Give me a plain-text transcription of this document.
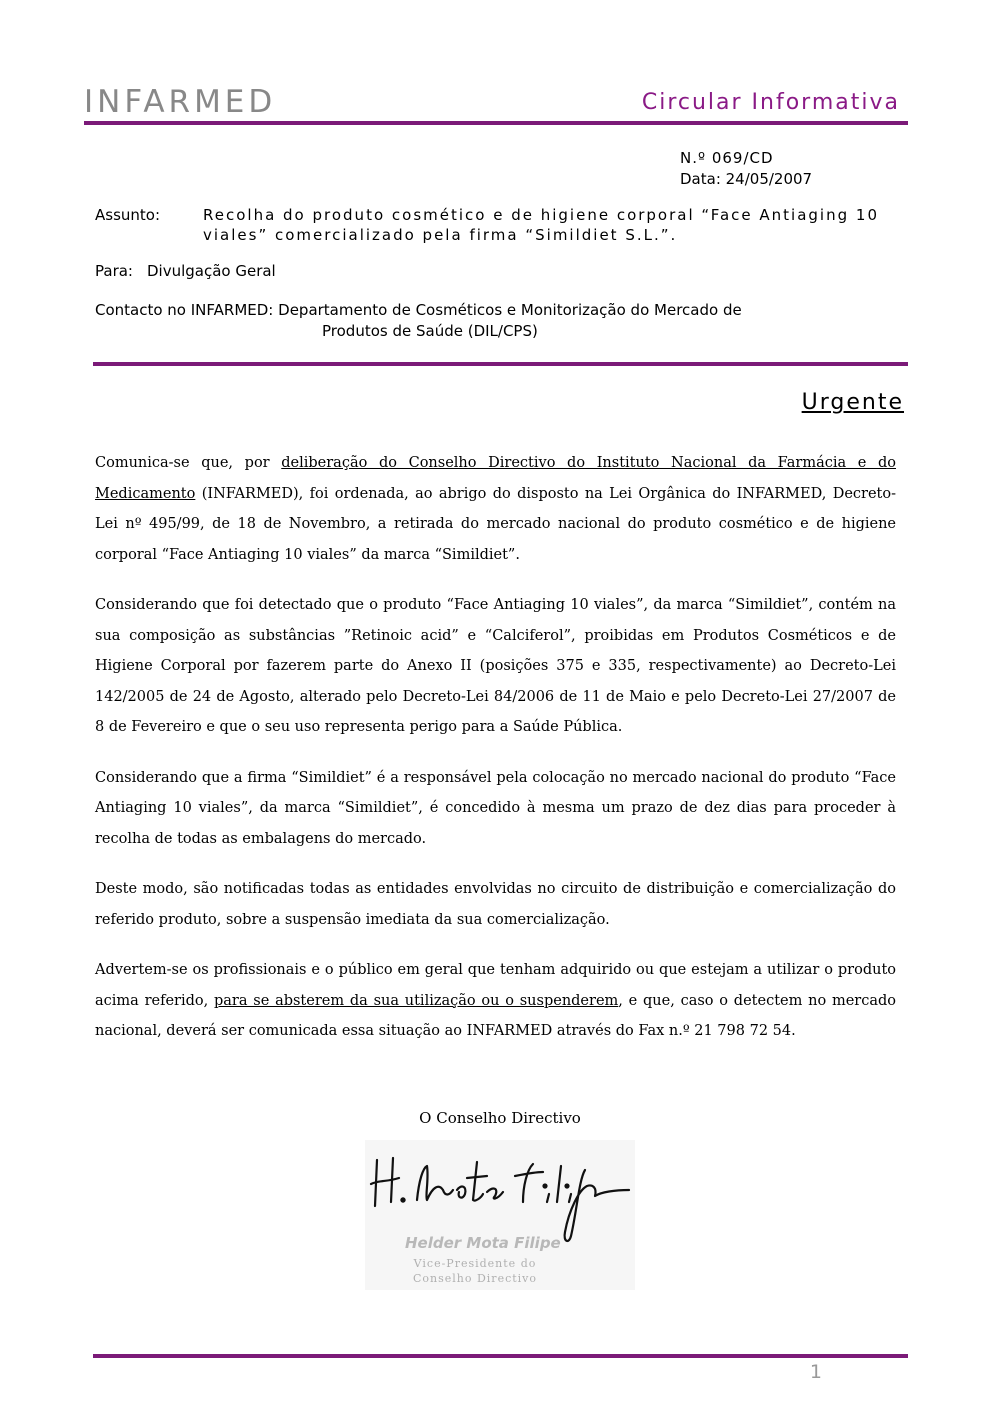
INFARMED	Circular Informativa
N.º 069/CD
Data: 24/05/2007
Assunto:	Recolha do produto cosmético e de higiene corporal “Face Antiaging 10 viales” comercializado pela firma “Simildiet S.L.”.
Para: Divulgação Geral
Contacto no INFARMED: Departamento de Cosméticos e Monitorização do Mercado de
Produtos de Saúde (DIL/CPS)
Urgente

Comunica-se que, por deliberação do Conselho Directivo do Instituto Nacional da Farmácia e do Medicamento (INFARMED), foi ordenada, ao abrigo do disposto na Lei Orgânica do INFARMED, Decreto-Lei nº 495/99, de 18 de Novembro, a retirada do mercado nacional do produto cosmético e de higiene corporal “Face Antiaging 10 viales” da marca “Simildiet”.

Considerando que foi detectado que o produto “Face Antiaging 10 viales”, da marca “Simildiet”, contém na sua composição as substâncias ”Retinoic acid” e “Calciferol”, proibidas em Produtos Cosméticos e de Higiene Corporal por fazerem parte do Anexo II (posições 375 e 335, respectivamente) ao Decreto-Lei 142/2005 de 24 de Agosto, alterado pelo Decreto-Lei 84/2006 de 11 de Maio e pelo Decreto-Lei 27/2007 de 8 de Fevereiro e que o seu uso representa perigo para a Saúde Pública.

Considerando que a firma “Simildiet” é a responsável pela colocação no mercado nacional do produto “Face Antiaging 10 viales”, da marca “Simildiet”, é concedido à mesma um prazo de dez dias para proceder à recolha de todas as embalagens do mercado.

Deste modo, são notificadas todas as entidades envolvidas no circuito de distribuição e comercialização do referido produto, sobre a suspensão imediata da sua comercialização.

Advertem-se os profissionais e o público em geral que tenham adquirido ou que estejam a utilizar o produto acima referido, para se absterem da sua utilização ou o suspenderem, e que, caso o detectem no mercado nacional, deverá ser comunicada essa situação ao INFARMED através do Fax n.º 21 798 72 54.

O Conselho Directivo
Helder Mota Filipe
Vice-Presidente do
Conselho Directivo
1
